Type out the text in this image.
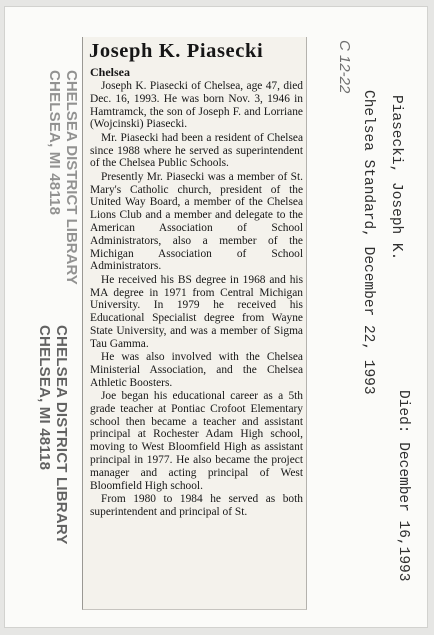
Joseph K. Piasecki
Chelsea

Joseph K. Piasecki of Chelsea, age 47, died Dec. 16, 1993. He was born Nov. 3, 1946 in Hamtramck, the son of Joseph F. and Lorriane (Wojcinski) Piasecki.

Mr. Piasecki had been a resident of Chelsea since 1988 where he served as superintendent of the Chelsea Public Schools.

Presently Mr. Piasecki was a member of St. Mary's Catholic church, president of the United Way Board, a member of the Chelsea Lions Club and a member and delegate to the American Association of School Administrators, also a member of the Michigan Association of School Administrators.

He received his BS degree in 1968 and his MA degree in 1971 from Central Michigan University. In 1979 he received his Educational Specialist degree from Wayne State University, and was a member of Sigma Tau Gamma.

He was also involved with the Chelsea Ministerial Association, and the Chelsea Athletic Boosters.

Joe began his educational career as a 5th grade teacher at Pontiac Crofoot Elementary school then became a teacher and assistant principal at Rochester Adam High school, moving to West Bloomfield High as assistant principal in 1977. He also became the project manager and acting principal of West Bloomfield High school.

From 1980 to 1984 he served as both superintendent and principal of St.

CHELSEA DISTRICT LIBRARY
CHELSEA, MI 48118
CHELSEA DISTRICT LIBRARY
CHELSEA, MI 48118
C 12-22
Piasecki, Joseph K.
Chelsea Standard, December 22, 1993
Died: December 16,1993
